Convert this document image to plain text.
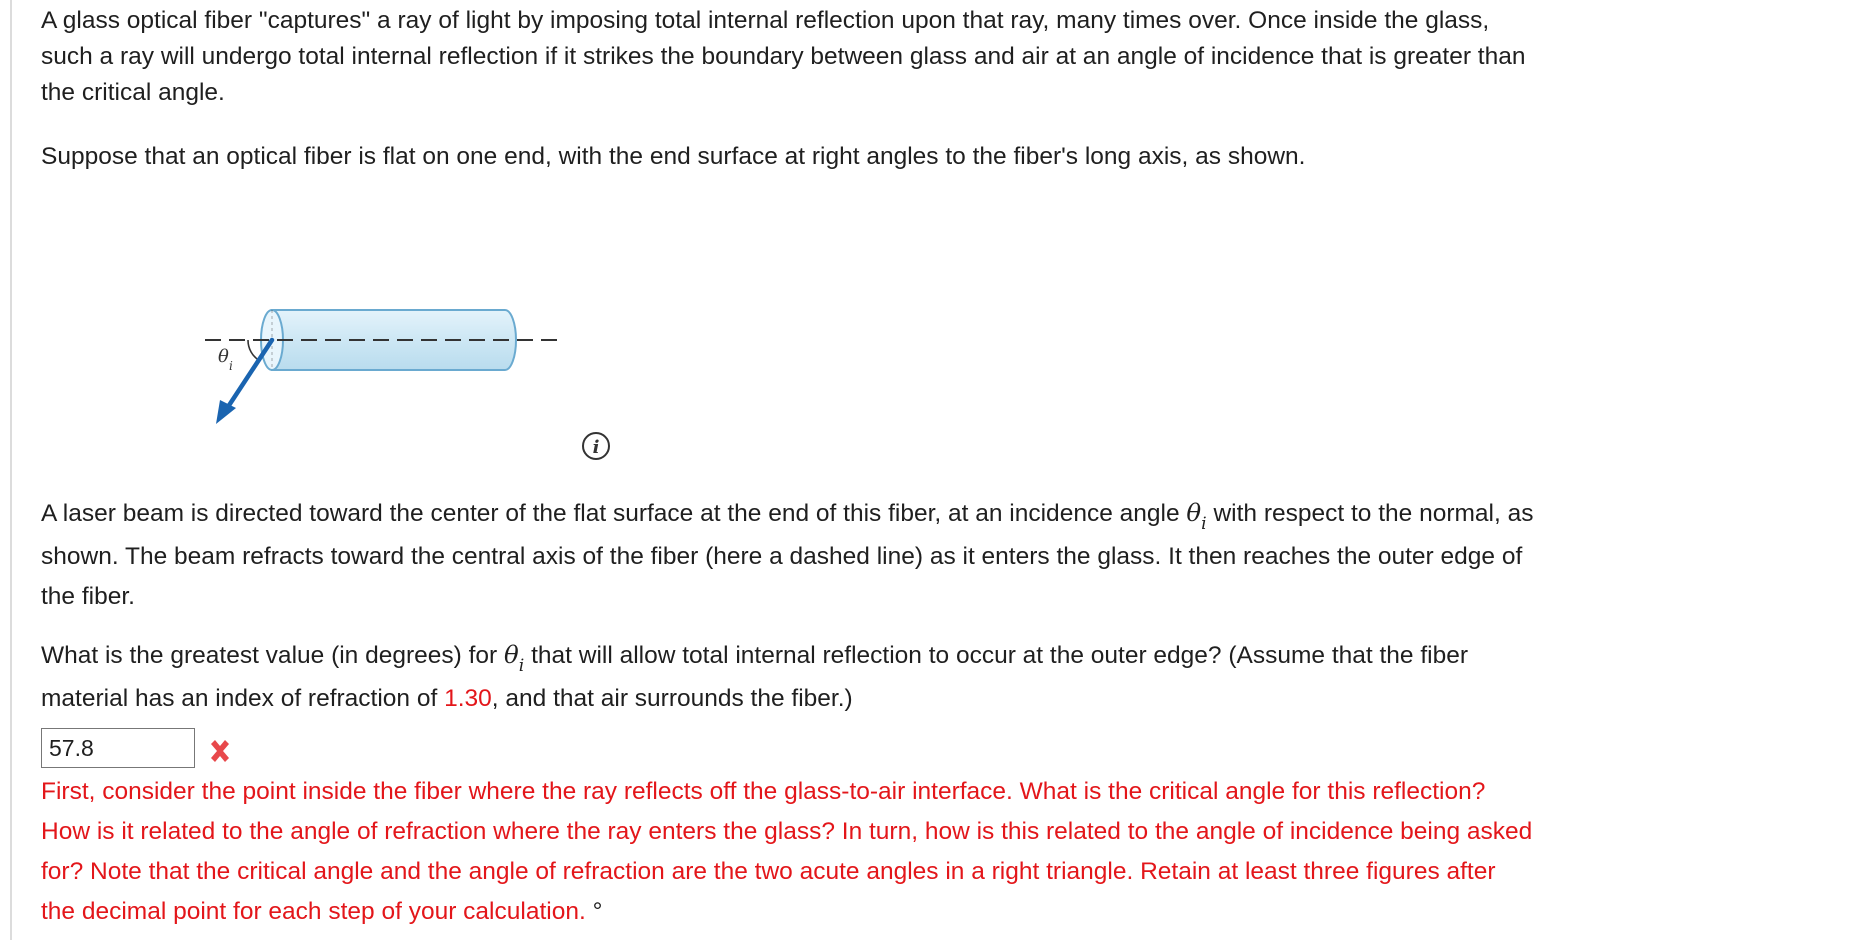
A glass optical fiber "captures" a ray of light by imposing total internal reflection upon that ray, many times over. Once inside the glass,
such a ray will undergo total internal reflection if it strikes the boundary between glass and air at an angle of incidence that is greater than
the critical angle.

Suppose that an optical fiber is flat on one end, with the end surface at right angles to the fiber's long axis, as shown.

θ i
i

A laser beam is directed toward the center of the flat surface at the end of this fiber, at an incidence angle $\theta_i$ with respect to the normal, as
shown. The beam refracts toward the central axis of the fiber (here a dashed line) as it enters the glass. It then reaches the outer edge of
the fiber.

What is the greatest value (in degrees) for $\theta_i$ that will allow total internal reflection to occur at the outer edge? (Assume that the fiber
material has an index of refraction of 1.30, and that air surrounds the fiber.)

57.8

First, consider the point inside the fiber where the ray reflects off the glass-to-air interface. What is the critical angle for this reflection?
How is it related to the angle of refraction where the ray enters the glass? In turn, how is this related to the angle of incidence being asked
for? Note that the critical angle and the angle of refraction are the two acute angles in a right triangle. Retain at least three figures after
the decimal point for each step of your calculation. °
